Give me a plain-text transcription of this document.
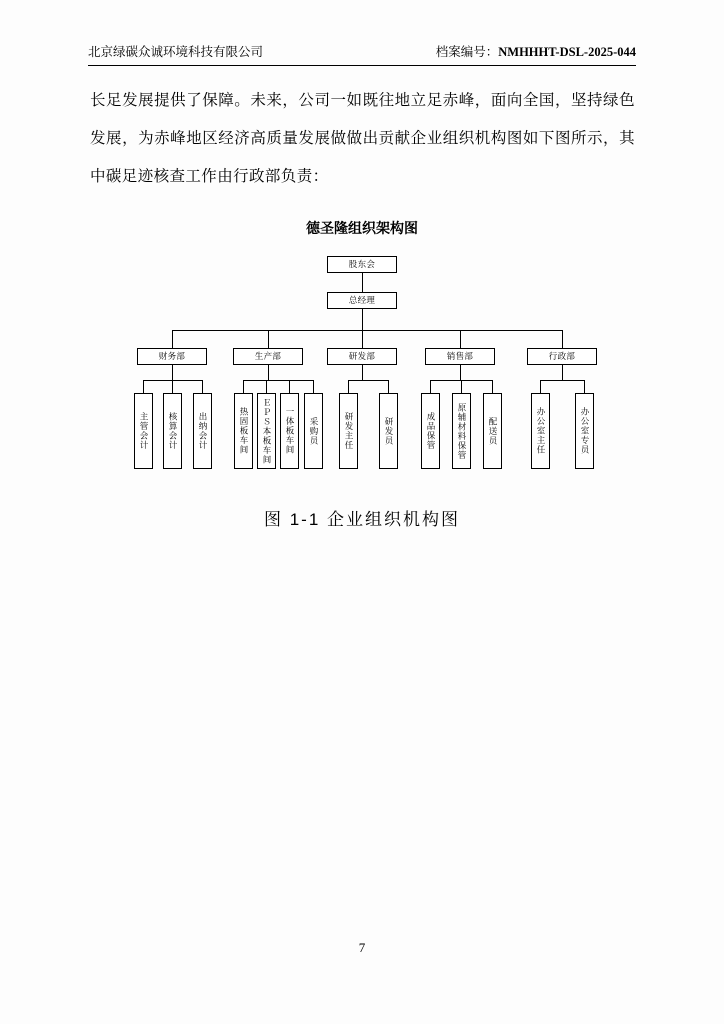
北京绿碳众诚环境科技有限公司	档案编号：NMHHHT-DSL-2025-044
长足发展提供了保障。未来，公司一如既往地立足赤峰，面向全国，坚持绿色发展，为赤峰地区经济高质量发展做做出贡献企业组织机构图如下图所示，其中碳足迹核查工作由行政部负责：
德圣隆组织架构图
股东会
总经理
财务部	生产部	研发部	销售部	行政部
主管会计	核算会计	出纳会计	热固板车间	ＥＰＳ本板车间	一体板车间	采购员	研发主任	研发员	成品保管	原辅材料保管	配送员	办公室主任	办公室专员
图 1-1 企业组织机构图
7
